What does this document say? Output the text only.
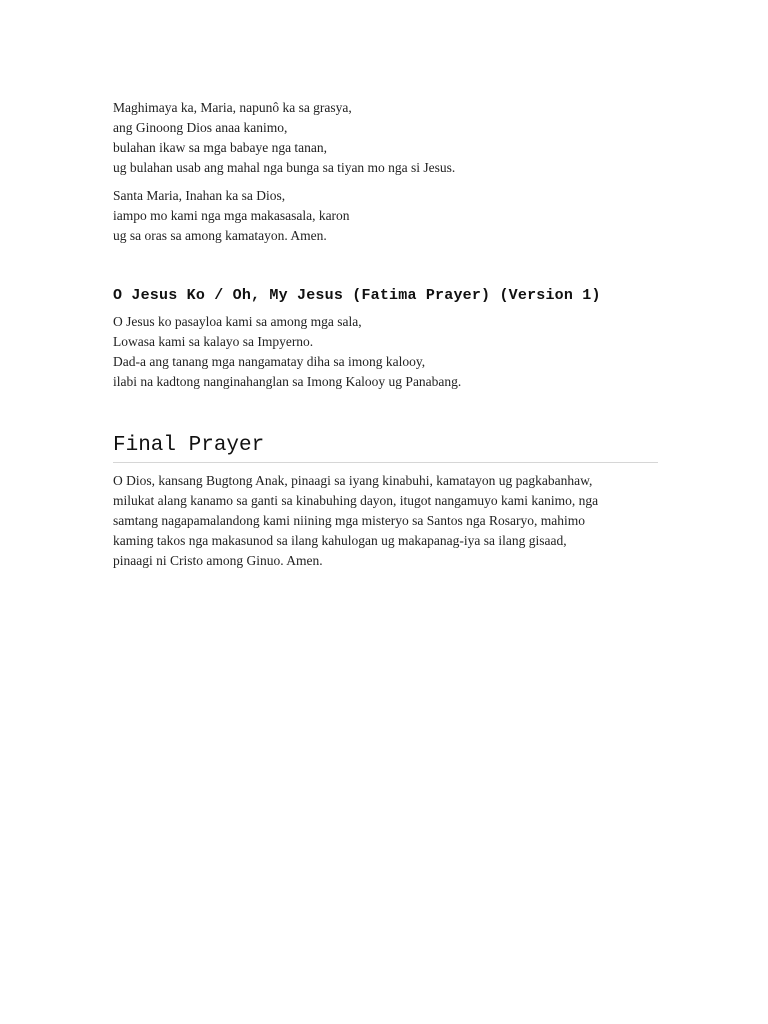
Maghimaya ka, Maria, napunô ka sa grasya,
ang Ginoong Dios anaa kanimo,
bulahan ikaw sa mga babaye nga tanan,
ug bulahan usab ang mahal nga bunga sa tiyan mo nga si Jesus.

Santa Maria, Inahan ka sa Dios,
iampo mo kami nga mga makasasala, karon
ug sa oras sa among kamatayon. Amen.

O Jesus Ko / Oh, My Jesus (Fatima Prayer) (Version 1)

O Jesus ko pasayloa kami sa among mga sala,
Lowasa kami sa kalayo sa Impyerno.
Dad-a ang tanang mga nangamatay diha sa imong kalooy,
ilabi na kadtong nanginahanglan sa Imong Kalooy ug Panabang.

Final Prayer

O Dios, kansang Bugtong Anak, pinaagi sa iyang kinabuhi, kamatayon ug pagkabanhaw,
milukat alang kanamo sa ganti sa kinabuhing dayon, itugot nangamuyo kami kanimo, nga
samtang nagapamalandong kami niining mga misteryo sa Santos nga Rosaryo, mahimo
kaming takos nga makasunod sa ilang kahulogan ug makapanag-iya sa ilang gisaad,
pinaagi ni Cristo among Ginuo. Amen.
